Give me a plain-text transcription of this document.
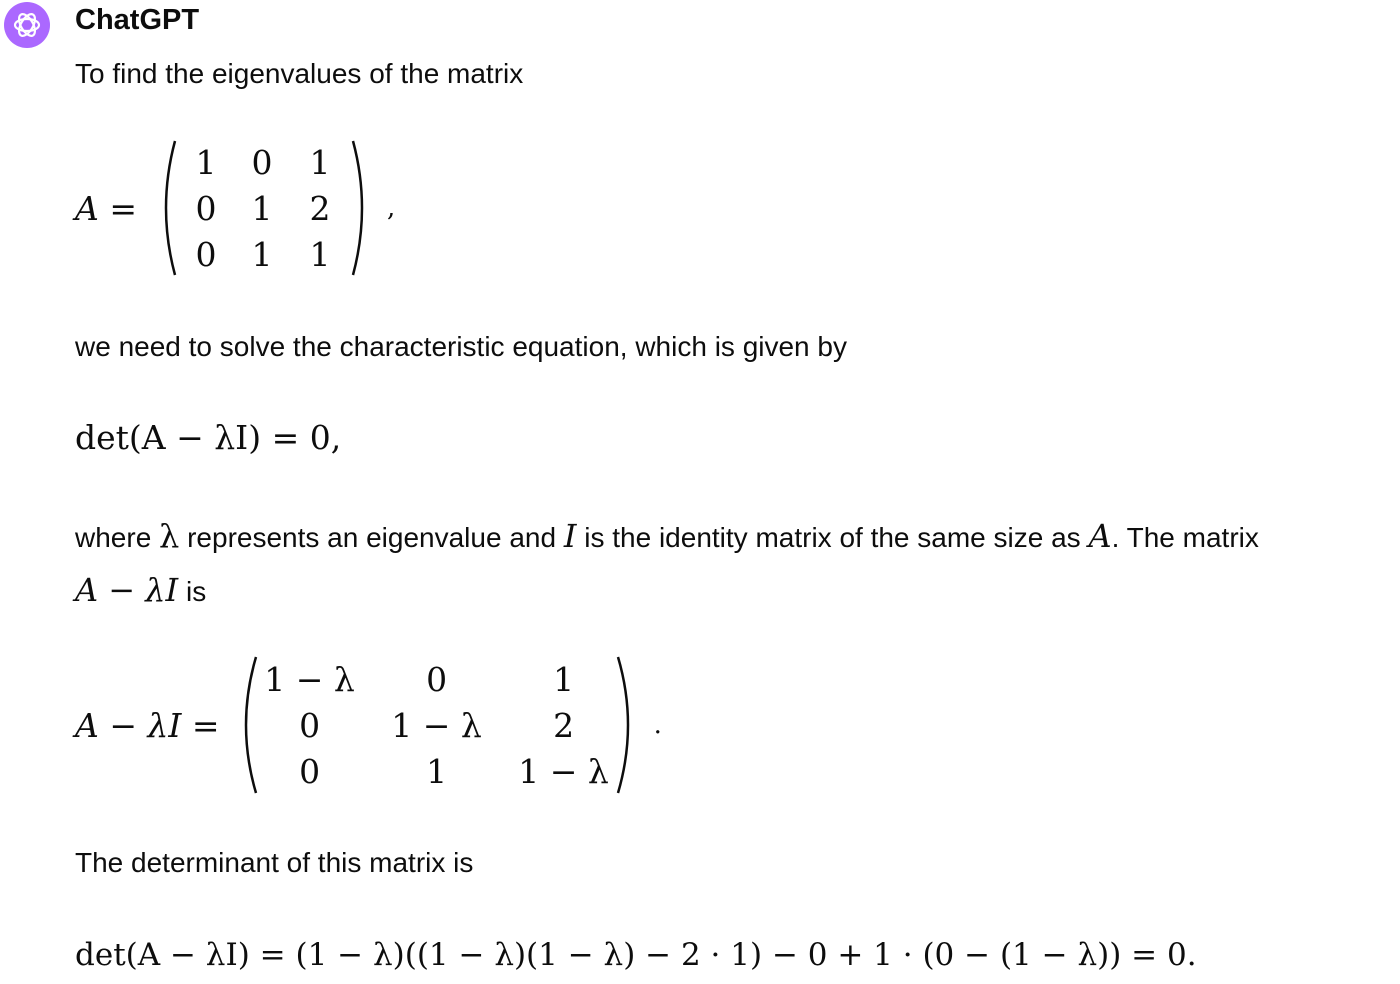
ChatGPT
To find the eigenvalues of the matrix
A =
1 0 1
0 1 2
0 1 1
,
we need to solve the characteristic equation, which is given by
det(A − λI) = 0,
where λ represents an eigenvalue and I is the identity matrix of the same size as A. The matrix
A − λI is
A − λI =
1 − λ 0	1
0 1 − λ 2
0	1 1 − λ
.
The determinant of this matrix is
det(A − λI) = (1 − λ)((1 − λ)(1 − λ) − 2 · 1) − 0 + 1 · (0 − (1 − λ)) = 0.
